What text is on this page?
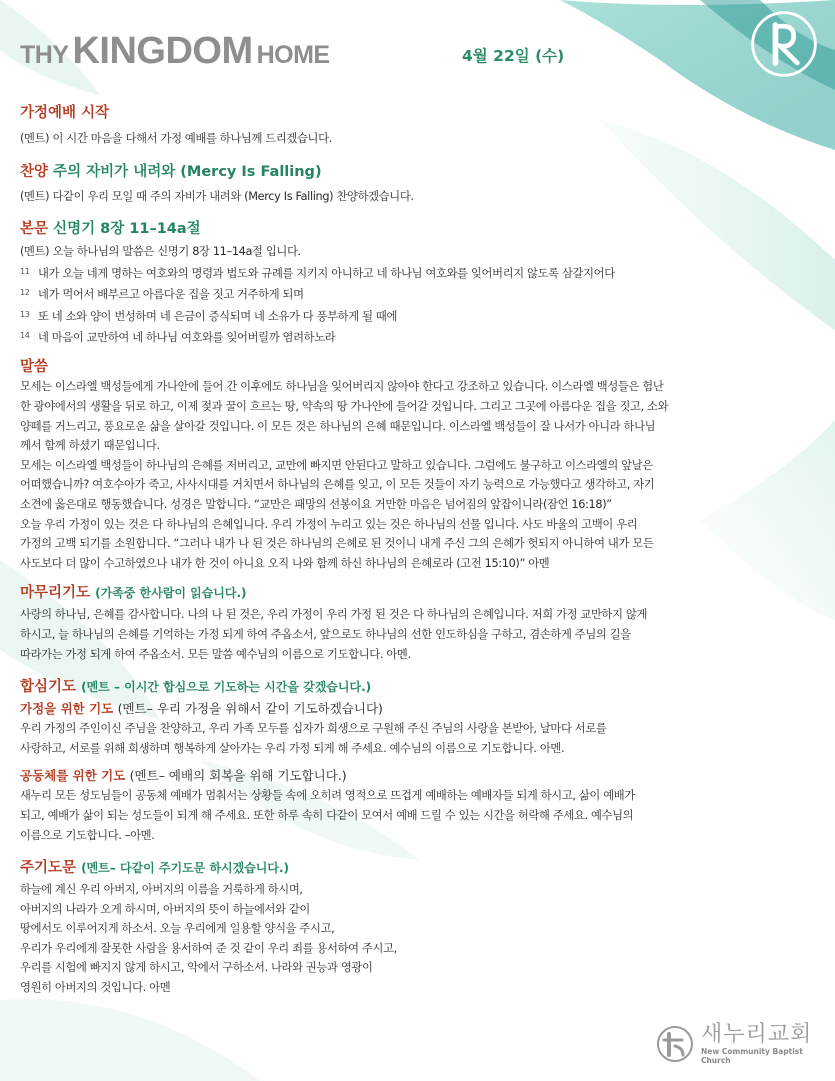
THY KINGDOM HOME	4월 22일 (수)

가정예배 시작

(멘트) 이 시간 마음을 다해서 가정 예배를 하나님께 드리겠습니다.

찬양 주의 자비가 내려와 (Mercy Is Falling)

(멘트) 다같이 우리 모일 때 주의 자비가 내려와 (Mercy Is Falling) 찬양하겠습니다.

본문 신명기 8장 11–14a절

(멘트) 오늘 하나님의 말씀은 신명기 8장 11–14a절 입니다.

$^{11}$ 내가 오늘 네게 명하는 여호와의 명령과 법도와 규례를 지키지 아니하고 네 하나님 여호와를 잊어버리지 않도록 삼갈지어다

$^{12}$ 네가 먹어서 배부르고 아름다운 집을 짓고 거주하게 되며

$^{13}$ 또 네 소와 양이 번성하며 네 은금이 증식되며 네 소유가 다 풍부하게 될 때에

$^{14}$ 네 마음이 교만하여 네 하나님 여호와를 잊어버릴까 염려하노라

말씀

모세는 이스라엘 백성들에게 가나안에 들어 간 이후에도 하나님을 잊어버리지 않아야 한다고 강조하고 있습니다. 이스라엘 백성들은 험난

한 광야에서의 생활을 뒤로 하고, 이제 젖과 꿀이 흐르는 땅, 약속의 땅 가나안에 들어갈 것입니다. 그리고 그곳에 아름다운 집을 짓고, 소와

양떼를 거느리고, 풍요로운 삶을 살아갈 것입니다. 이 모든 것은 하나님의 은혜 때문입니다. 이스라엘 백성들이 잘 나서가 아니라 하나님

께서 함께 하셨기 때문입니다.

모세는 이스라엘 백성들이 하나님의 은혜를 저버리고, 교만에 빠지면 안된다고 말하고 있습니다. 그럼에도 불구하고 이스라엘의 앞날은

어떠했습니까? 여호수아가 죽고, 사사시대를 거치면서 하나님의 은혜를 잊고, 이 모든 것들이 자기 능력으로 가능했다고 생각하고, 자기

소견에 옳은대로 행동했습니다. 성경은 말합니다. “교만은 패망의 선봉이요 거만한 마음은 넘어짐의 앞잡이니라(잠언 16:18)”

오늘 우리 가정이 있는 것은 다 하나님의 은혜입니다. 우리 가정이 누리고 있는 것은 하나님의 선물 입니다. 사도 바울의 고백이 우리

가정의 고백 되기를 소원합니다. “그러나 내가 나 된 것은 하나님의 은혜로 된 것이니 내게 주신 그의 은혜가 헛되지 아니하여 내가 모든

사도보다 더 많이 수고하였으나 내가 한 것이 아니요 오직 나와 함께 하신 하나님의 은혜로라 (고전 15:10)” 아멘

마무리기도 (가족중 한사람이 읽습니다.)

사랑의 하나님, 은혜를 감사합니다. 나의 나 된 것은, 우리 가정이 우리 가정 된 것은 다 하나님의 은혜입니다. 저희 가정 교만하지 않게

하시고, 늘 하나님의 은혜를 기억하는 가정 되게 하여 주옵소서, 앞으로도 하나님의 선한 인도하심을 구하고, 겸손하게 주님의 길을

따라가는 가정 되게 하여 주옵소서. 모든 말씀 예수님의 이름으로 기도합니다. 아멘.

합심기도 (멘트 – 이시간 합심으로 기도하는 시간을 갖겠습니다.)

가정을 위한 기도 (멘트– 우리 가정을 위해서 같이 기도하겠습니다)

우리 가정의 주인이신 주님을 찬양하고, 우리 가족 모두를 십자가 희생으로 구원해 주신 주님의 사랑을 본받아, 날마다 서로를

사랑하고, 서로를 위해 희생하며 행복하게 살아가는 우리 가정 되게 해 주세요. 예수님의 이름으로 기도합니다. 아멘.

공동체를 위한 기도 (멘트– 예배의 회복을 위해 기도합니다.)

새누리 모든 성도님들이 공동체 예배가 멈춰서는 상황들 속에 오히려 영적으로 뜨겁게 예배하는 예배자들 되게 하시고, 삶이 예배가

되고, 예배가 삶이 되는 성도들이 되게 해 주세요. 또한 하루 속히 다같이 모여서 예배 드릴 수 있는 시간을 허락해 주세요. 예수님의

이름으로 기도합니다. –아멘.

주기도문 (멘트– 다같이 주기도문 하시겠습니다.)

하늘에 계신 우리 아버지, 아버지의 이름을 거룩하게 하시며,

아버지의 나라가 오게 하시며, 아버지의 뜻이 하늘에서와 같이

땅에서도 이루어지게 하소서. 오늘 우리에게 일용할 양식을 주시고,

우리가 우리에게 잘못한 사람을 용서하여 준 것 같이 우리 죄를 용서하여 주시고,

우리를 시험에 빠지지 않게 하시고, 악에서 구하소서. 나라와 권능과 영광이

영원히 아버지의 것입니다. 아멘

새누리교회
New Community Baptist Church
